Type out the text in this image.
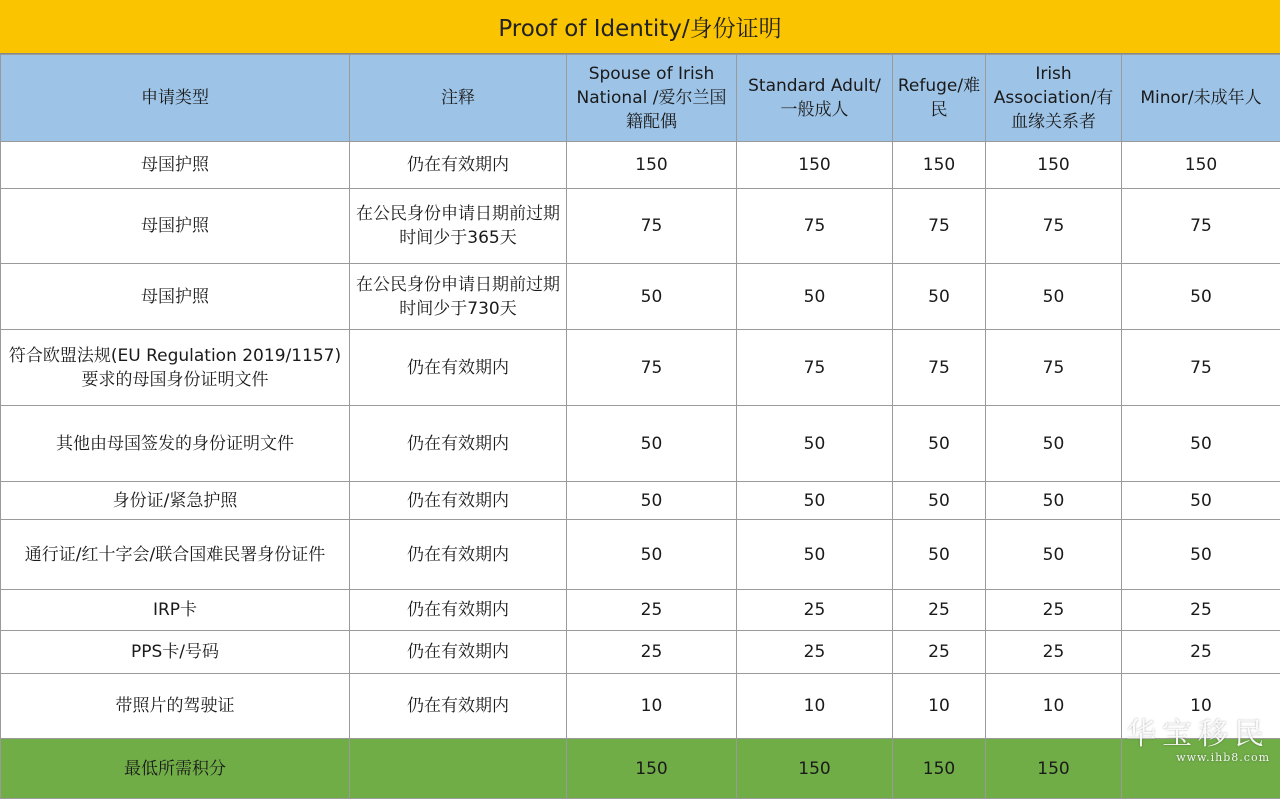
Proof of Identity/身份证明
申请类型	注释	Spouse of Irish National /爱尔兰国籍配偶	Standard Adult/一般成人	Refuge/难民	Irish Association/有血缘关系者	Minor/未成年人
母国护照	仍在有效期内	150	150	150	150	150
母国护照	在公民身份申请日期前过期时间少于365天	75	75	75	75	75
母国护照	在公民身份申请日期前过期时间少于730天	50	50	50	50	50
符合欧盟法规(EU Regulation 2019/1157)要求的母国身份证明文件	仍在有效期内	75	75	75	75	75
其他由母国签发的身份证明文件	仍在有效期内	50	50	50	50	50
身份证/紧急护照	仍在有效期内	50	50	50	50	50
通行证/红十字会/联合国难民署身份证件	仍在有效期内	50	50	50	50	50
IRP卡	仍在有效期内	25	25	25	25	25
PPS卡/号码	仍在有效期内	25	25	25	25	25
带照片的驾驶证	仍在有效期内	10	10	10	10	10
最低所需积分		150	150	150	150	
华宝移民
www.ihb8.com
